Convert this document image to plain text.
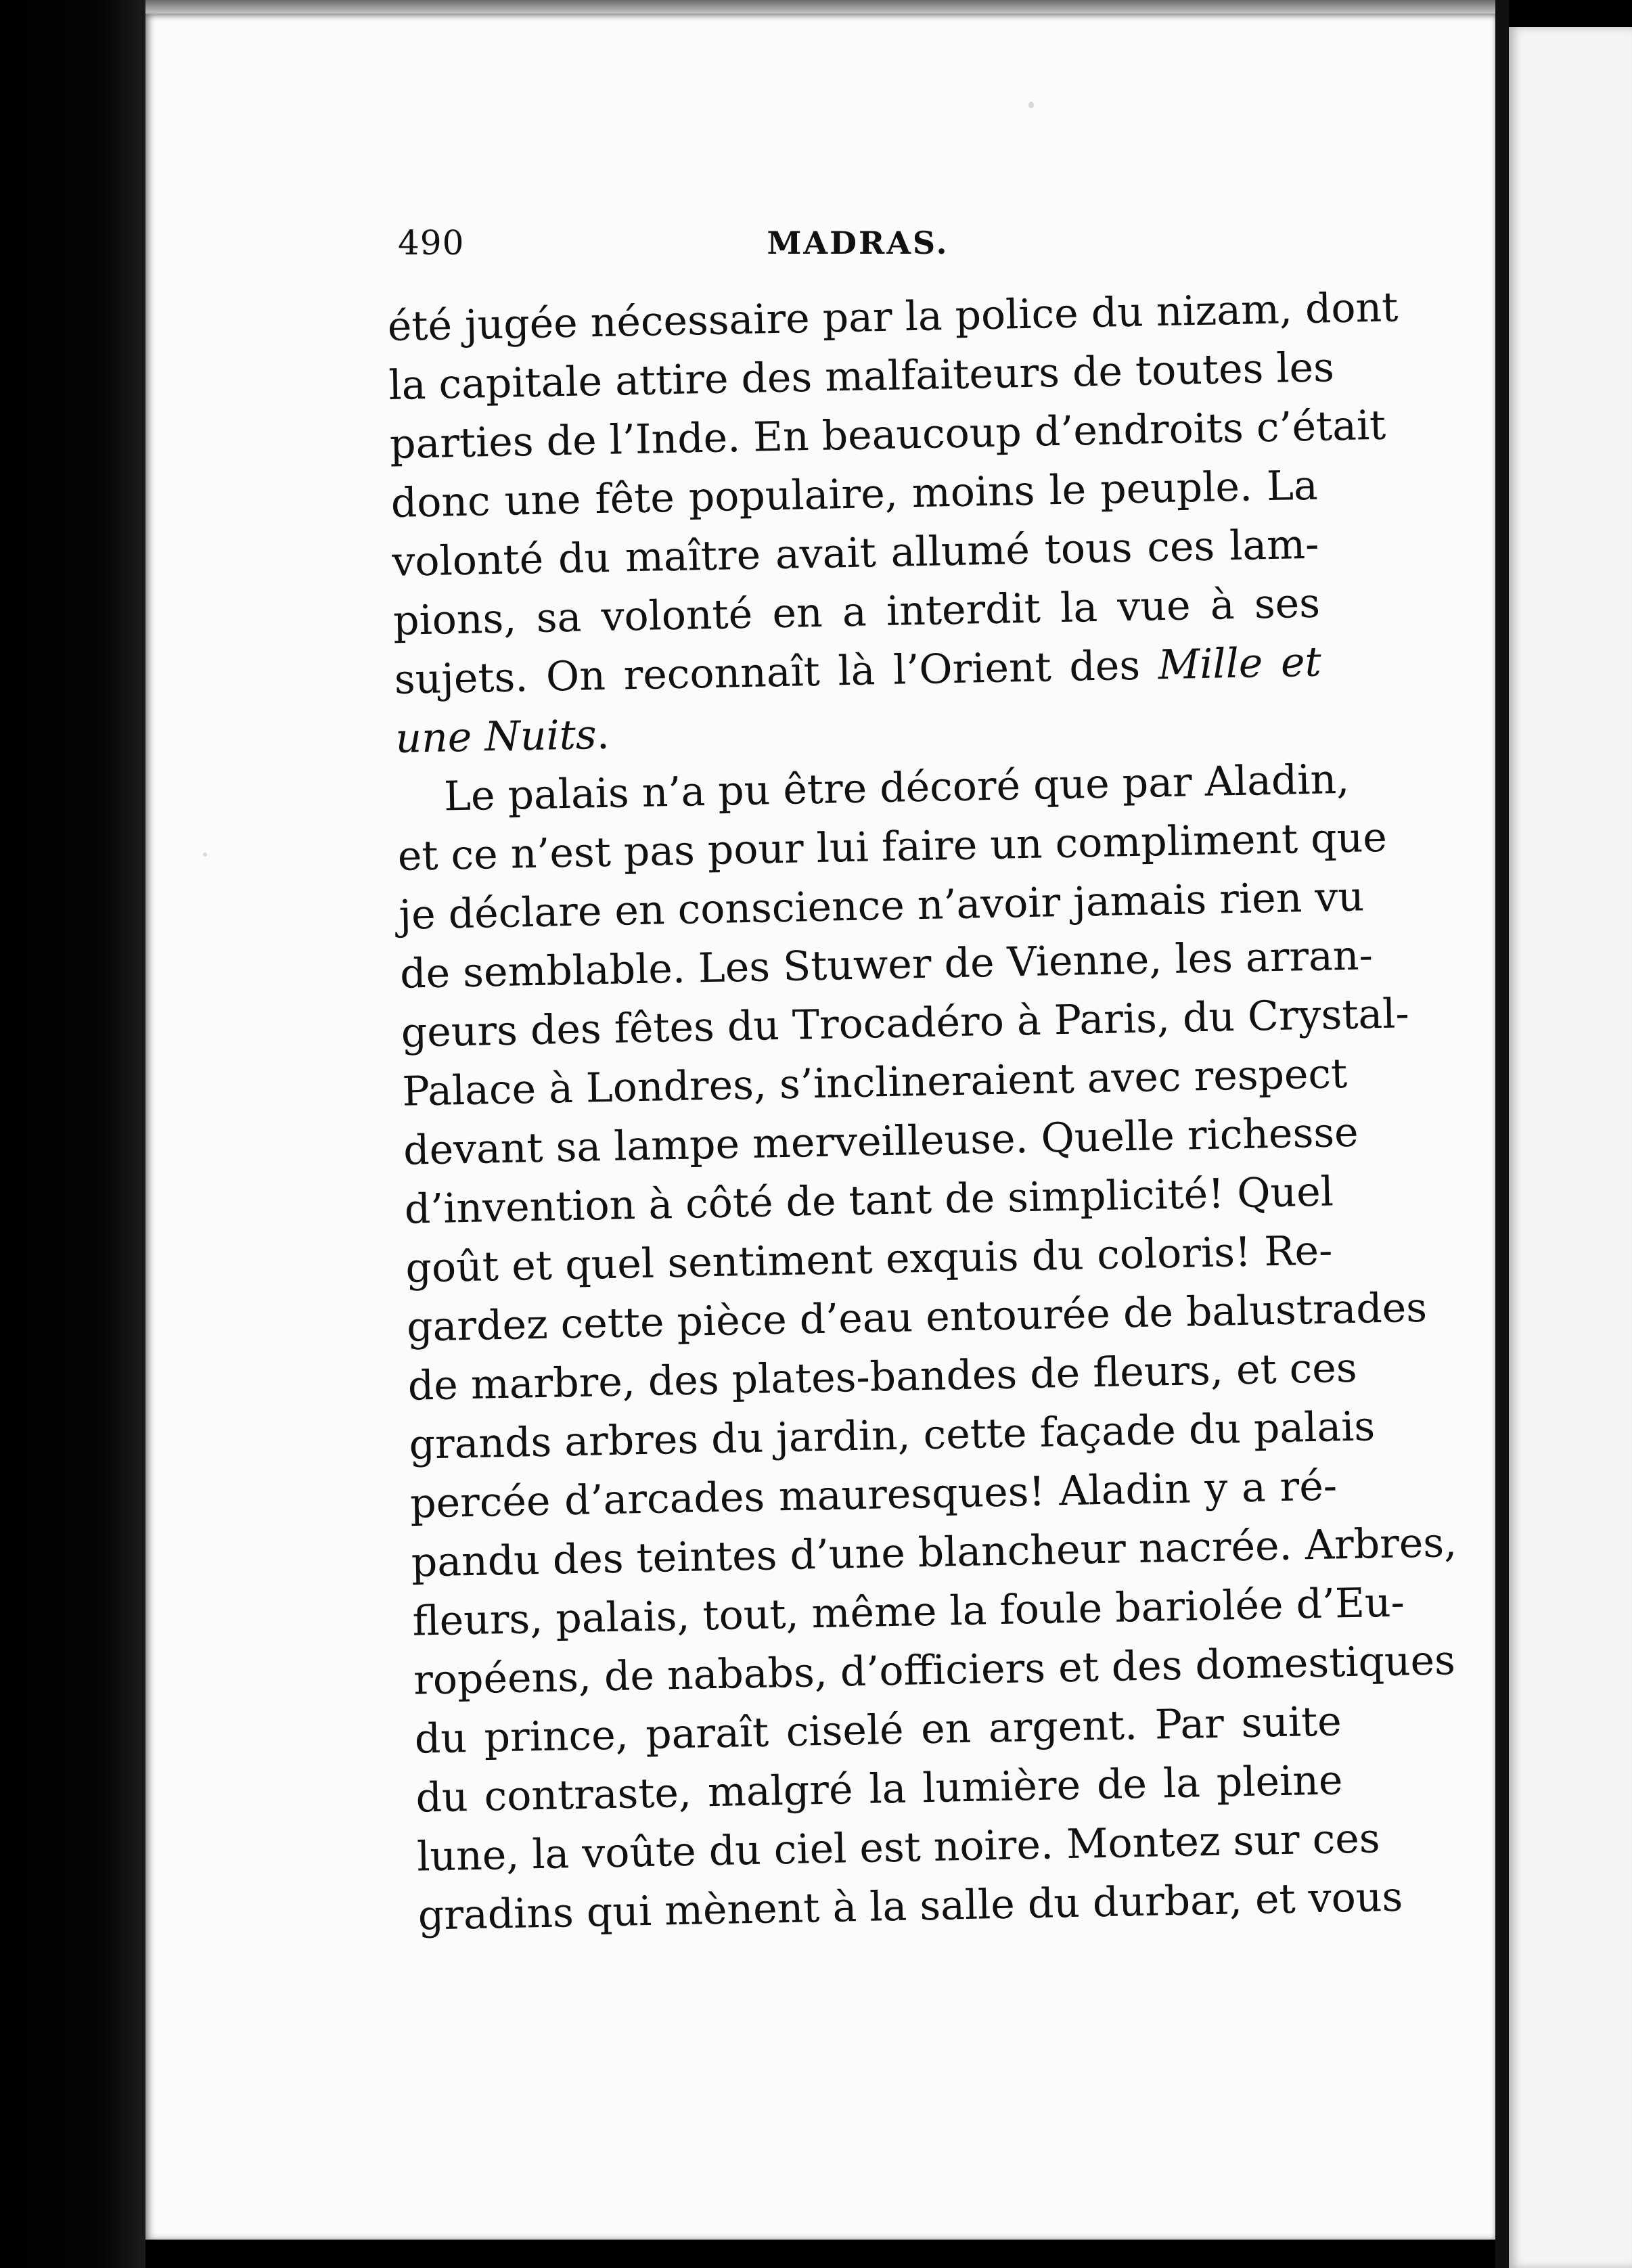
490	MADRAS.
été jugée nécessaire par la police du nizam, dont
la capitale attire des malfaiteurs de toutes les
parties de l’Inde. En beaucoup d’endroits c’était
donc une fête populaire, moins le peuple. La
volonté du maître avait allumé tous ces lam-
pions, sa volonté en a interdit la vue à ses
sujets. On reconnaît là l’Orient des Mille et
une Nuits.
Le palais n’a pu être décoré que par Aladin,
et ce n’est pas pour lui faire un compliment que
je déclare en conscience n’avoir jamais rien vu
de semblable. Les Stuwer de Vienne, les arran-
geurs des fêtes du Trocadéro à Paris, du Crystal-
Palace à Londres, s’inclineraient avec respect
devant sa lampe merveilleuse. Quelle richesse
d’invention à côté de tant de simplicité! Quel
goût et quel sentiment exquis du coloris! Re-
gardez cette pièce d’eau entourée de balustrades
de marbre, des plates-bandes de fleurs, et ces
grands arbres du jardin, cette façade du palais
percée d’arcades mauresques! Aladin y a ré-
pandu des teintes d’une blancheur nacrée. Arbres,
fleurs, palais, tout, même la foule bariolée d’Eu-
ropéens, de nababs, d’officiers et des domestiques
du prince, paraît ciselé en argent. Par suite
du contraste, malgré la lumière de la pleine
lune, la voûte du ciel est noire. Montez sur ces
gradins qui mènent à la salle du durbar, et vous
